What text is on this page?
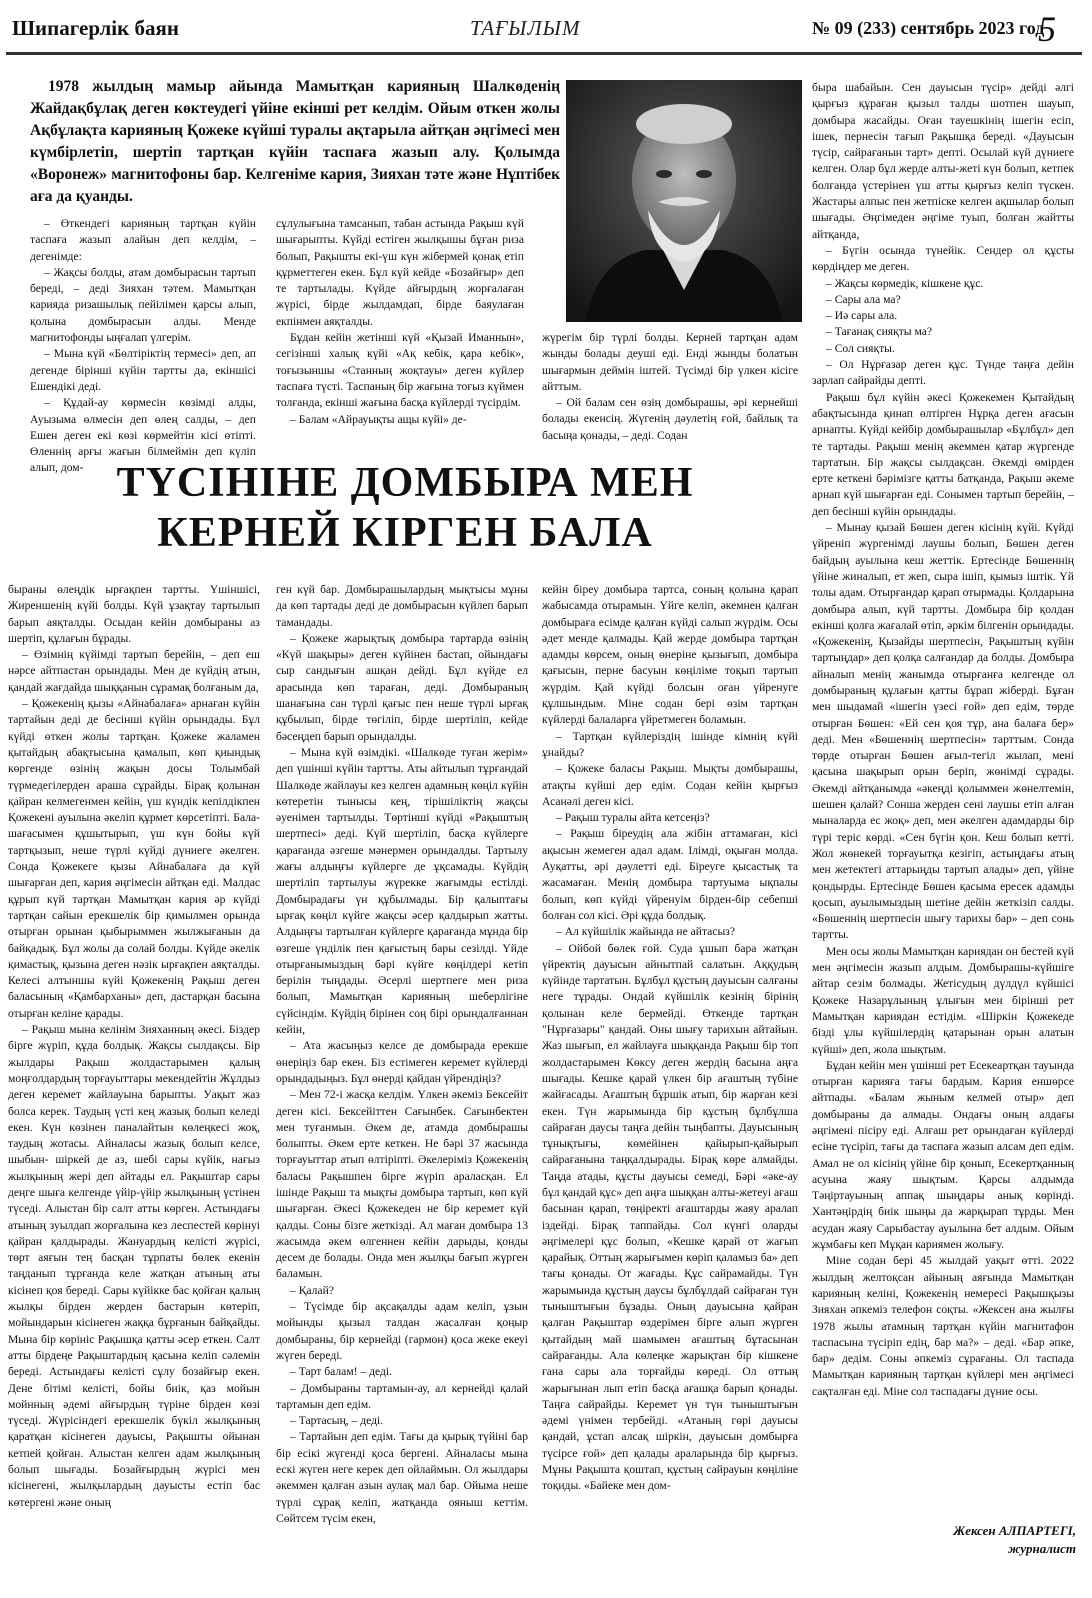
Шипагерлік баян	ТАҒЫЛЫМ	№ 09 (233) сентябрь 2023 год
5

1978 жылдың мамыр айында Мамытқан карияның Шалкөденің Жайдақбұлақ деген көктеудегі үйіне екінші рет келдім. Ойым өткен жолы Ақбұлақта карияның Қожеке күйші туралы ақтарыла айтқан әңгімесі мен күмбірлетіп, шертіп тартқан күйін таспаға жазып алу. Қолымда «Воронеж» магнитофоны бар. Келгеніме кария, Зияхан тәте және Нұптібек аға да қуанды.

– Өткендегі карияның тартқан күйін таспаға жазып алайын деп келдім, – дегенімде:

– Жақсы болды, атам домбырасын тартып береді, – деді Зияхан тәтем. Мамытқан карияда ризашылық пейілімен қарсы алып, қолына домбырасын алды. Менде магнитофонды ыңғалап үлгерім.

– Мына күй «Бөлтіріктің термесі» деп, ап дегенде бірінші күйін тартты да, екіншісі Ешендікі деді.

– Құдай-ау көрмесін көзімді алды, Ауызыма өлмесін деп өлең салды, – деп Ешен деген екі көзі көрмейтін кісі өтіпті. Өленнің арғы жағын білмеймін деп күліп алып, дом-

сұлулығына тамсанып, табан астында Рақыш күй шығарыпты. Күйді естіген жылқышы бұған риза болып, Рақышты екі-үш күн жібермей қонақ етіп құрметтеген екен. Бұл күй кейде «Бозайғыр» деп те тартылады. Күйде айғырдың жорғалаған жүрісі, бірде жылдамдап, бірде баяулаған екпінмен аяқталды.

Бұдан кейін жетінші күй «Қызай Иманнын», сегізінші халық күйі «Ақ кебік, қара кебік», тоғызыншы «Станның жоқтауы» деген күйлер таспаға түсті. Таспаның бір жағына тоғыз күймен толғанда, екінші жағына басқа күйлерді түсірдім.

– Балам «Айрауықты ащы күйі» де-

жүрегім бір түрлі болды. Керней тартқан адам жынды болады деуші еді. Енді жынды болатын шығармын деймін іштей. Түсімді бір үлкен кісіге айттым.

– Ой балам сен өзің домбырашы, әрі кернейші боладьı екенсің. Жүгенің дәулетің ғой, байлық та басыңа қонады, – деді. Содан

ТҮСІНІНЕ ДОМБЫРА МЕН
КЕРНЕЙ КІРГЕН БАЛА

быра шабайын. Сен дауысын түсір» дейді әлгі қырғыз құраған қызыл талды шотпен шауып, домбыра жасайды. Оған тауешкінің ішегін есіп, ішек, пернесін тағып Рақышқа береді. «Дауысын түсір, сайрағанын тарт» депті. Осылай күй дүниеге келген. Олар бұл жерде алты-жеті күн болып, кетпек болғанда үстерінен үш атты қырғыз келіп түскен. Жастары алпыс пен жетпіске келген ақшылар болып шығады. Әңгімеден әңгіме туып, болған жайтты айтқанда,

– Бүгін осында түнейік. Сендер ол құсты көрдіңдер ме деген.

– Жақсы көрмедік, кішкене құс.

– Сары ала ма?

– Иә сары ала.

– Тағанақ сияқты ма?

– Сол сияқты.

– Ол Нұрғазар деген құс. Түнде таңға дейін зарлап сайрайды депті.

Рақыш бұл күйін әкесі Қожекемен Қытайдың абақтысында қинап өлтірген Нұрқа деген ағасын арнапты. Күйді кейбір домбырашылар «Бұлбұл» деп те тартады. Рақыш менің әкеммен қатар жүргенде тартатын. Бір жақсы сылдақсан. Әкемді өмірден ерте кеткені бәрімізге қатты батқанда, Рақыш әкеме арнап күй шығарған еді. Сонымен тартып берейін, – деп бесінші күйін орындады.

– Мынау қызай Бөшен деген кісінің күйі. Күйді үйреніп жүргенімді лаушы болып, Бөшен деген байдың ауылына кеш жеттік. Ертесінде Бөшеннің үйіне жиналып, ет жеп, сыра ішіп, қымыз іштік. Үй толы адам. Отырғандар қарап отырмады. Қолдарына домбыра алып, күй тартты. Домбыра бір қолдан екінші қолға жағалай өтіп, әркім білгенін орындады. «Қожекенің, Қызайды шертпесін, Рақыштың күйін тартыңдар» деп қолқа салғандар да болды. Домбыра айналып менің жанымда отырғанға келгенде ол домбыраның құлағын қатты бұрап жіберді. Бұған мен шыдамай «ішегін үзесі ғой» деп едім, төрде отырған Бөшен: «Ей сен қоя тұр, ана балаға бер» деді. Мен «Бөшеннің шертпесін» тарттым. Сонда төрде отырған Бөшен ағыл-тегіл жылап, мені қасына шақырып орын беріп, жөнімді сұрады. Әкемді айтқанымда «әкеңді қолыммен жөнелтемін, шешен қалай? Сонша жерден сені лаушы етіп алған мыналарда ес жоқ» деп, мен әкелген адамдарды бір түрі теріс көрді. «Сен бүгін қон. Кеш болып кетті. Жол жөнекей торғауытқа кезігіп, астыңдағы атың мен жетектегі аттарыңды тартып алады» деп, үйіне қондырды. Ертесінде Бөшен қасыма ересек адамды қосып, ауылымыздың шетіне дейін жеткізіп салды. «Бөшеннің шертпесін шығу тарихы бар» – деп сонь тартты.

Мен осы жолы Мамытқан кариядан он бестей күй мен әңгімесін жазып алдым. Домбырашы-күйшіге айтар сезім болмады. Жетісудың дүлдүл күйшісі Қожеке Назарұлының ұлығын мен бірінші рет Мамытқан кариядан естідім. «Шіркін Қожекеде бізді ұлы күйшілердің қатарынан орын алатын күйші» деп, жола шықтым.

Бұдан кейін мен үшінші рет Есекеартқан тауында отырған карияға тағы бардым. Кария еншөрсе айтпады. «Балам жыным келмей отыр» деп домбыраны да алмады. Ондағы оның алдағы әңгімені пісіру еді. Алғаш рет орындаған күйлерді есіне түсіріп, тағы да таспаға жазып алсам деп едім. Амал не ол кісінің үйіне бір қонып, Есекертқанның асуына жаяу шықтым. Қарсы алдымда Тәңіртауының аппақ шыңдары анық көрінді. Хантәңірдің биік шыңы да жарқырап тұрды. Мен асудан жаяу Сарыбастау ауылына бет алдым. Ойым жұмбағы кеп Мұқан кариямен жолығу.

Міне содан бері 45 жылдай уақыт өтті. 2022 жылдың желтоқсан айының аяғында Мамытқан карияның келіні, Қожекенің немересі Рақышқызы Зияхан әпкеміз телефон соқты. «Жексен ана жылғы 1978 жылы атамның тартқан күйін магнитафон таспасына түсіріп едің, бар ма?» – деді. «Бар әпке, бар» дедім. Соны әпкеміз сұрағаны. Ол таспада Мамытқан карияның тартқан күйлері мен әңгімесі сақталған еді. Міне сол таспадағы дүние осы.

быраны өлеңдік ырғақпен тартты. Үшіншісі, Жиреншенің күйі болды. Күй ұзақтау тартылып барып аяқталды. Осыдан кейін домбыраны аз шертіп, құлағын бұрады.

– Өзімнің күйімді тартып берейін, – деп еш нәрсе айтпастан орындады. Мен де күйдің атын, қандай жағдайда шыққанын сұрамақ болғаным да,

– Қожекенің қызы «Айнабалаға» арнаған күйін тартайын деді де бесінші күйін орындады. Бұл күйді өткен жолы тартқан. Қожеке жаламен қытайдың абақтысына қамалып, көп қиындық көргенде өзінің жақын досы Толымбай түрмедегілерден араша сұрайды. Бірақ қолынан қайран келмегенмен кейін, үш күндік кепілдікпен Қожекені ауылына әкеліп құрмет көрсетіпті. Бала-шағасымен құшытырып, үш күн бойы күй тартқызып, неше түрлі күйді дүниеге әкелген. Сонда Қожекеге қызы Айнабалаға да күй шығарған деп, кария әңгімесін айтқан еді. Малдас құрып күй тартқан Мамытқан кария әр күйді тартқан сайын ерекшелік бір қимылмен орында отырған орынан қыбырыммен жылжығанын да байқадық. Бұл жолы да солай болды. Күйде әкелік қимастық, қызына деген нәзік ырғақпен аяқталды. Келесі алтыншы күйі Қожекенің Рақыш деген баласының «Қамбарханы» деп, дастарқан басына отырған келіне қарады.

– Рақыш мына келінім Зияханның әкесі. Біздер бірге жүріп, құда болдық. Жақсы сылдақсы. Бір жылдары Рақыш жолдастарымен қалың моңғолдардың торғауыттары мекендейтін Жұлдыз деген керемет жайлауына барыпты. Уақыт жаз болса керек. Таудың үсті кең жазық болып келеді екен. Күн көзінен паналайтын көлеңкесі жоқ, таудың жотасы. Айналасы жазық болып келсе, шыбын- шіркей де аз, шебі сары күйік, нағыз жылқының жері деп айтады ел. Рақыштар сары деңге шыға келгенде үйір-үйір жылқының үстінен түседі. Алыстан бір салт атты көрген. Астындағы атының зуылдап жорғалына кез леспестей көрінуі қайран қалдырады. Жануардың келісті жүрісі, төрт аяғын тең басқан тұрпаты бөлек екенін таңданып тұрғанда келе жатқан атының аты кісінеп қоя береді. Сары күйікке бас қойған қалың жылқы бірден жерден бастарын көтеріп, мойындарын кісінеген жаққа бұрғанын байқайды. Мына бір көрініс Рақышқа қатты әсер еткен. Салт атты бірдеңе Рақыштардың қасына келіп сәлемін береді. Астындағы келісті сұлу бозайғыр екен. Дене бітімі келісті, бойы биік, қаз мойын мойнның әдемі айғырдың түріне бірден көзі түседі. Жүрісіндегі ерекшелік бүкіл жылқының қаратқан кісінеген дауысы, Рақышты ойынан кетпей қойған. Алыстан келген адам жылқының болып шығады. Бозайғырдың жүрісі мен кісінегені, жылқылардың дауысты естіп бас көтергені және оның

ген күй бар. Домбырашылардың мықтысы мұны да көп тартады деді де домбырасын күйлеп барып тамандады.

– Қожеке жарықтық домбыра тартарда өзінің «Күй шақыры» деген күйінен бастап, ойындағы сыр сандығын ашқан дейді. Бұл күйде ел арасында көп тараған, деді. Домбыраның шанағына сан түрлі қағыс пен неше түрлі ырғақ құбылып, бірде төгіліп, бірде шертіліп, кейде бәсеңдеп барып орындалды.

– Мына күй өзімдікі. «Шалкөде туған жерім» деп үшінші күйін тартты. Аты айтылып тұрғандай Шалкөде жайлауы кез келген адамның көңіл күйін көтеретін тынысы кең, тірішіліктің жақсы әуенімен тартылды. Төртінші күйді «Рақыштың шертпесі» деді. Күй шертіліп, басқа күйлерге қарағанда әзгеше мәнермен орындалды. Тартылу жағы алдыңғы күйлерге де ұқсамады. Күйдің шертіліп тартылуы жүрекке жағымды естілді. Домбырадағы үн құбылмады. Бір қалыптағы ырғақ көңіл күйге жақсы әсер қалдырып жатты. Алдыңғы тартылған күйлерге қарағанда мұнда бір өзгеше үнділік пен қағыстың бары сезілді. Үйде отырғанымыздың бәрі күйге көңілдері кетіп берілін тыңдады. Әсерлі шертпеге мен риза болып, Мамытқан карияның шеберлігіне сүйсіндім. Күйдің бірінен соң бірі орындалғаннан кейін,

– Ата жасыңыз келсе де домбырада ерекше өнеріңіз бар екен. Біз естімеген керемет күйлерді орындадыңыз. Бұл өнерді қайдан үйрендіңіз?

– Мен 72-і жасқа келдім. Үлкен әкеміз Бексейіт деген кісі. Бексейіттен Сағынбек. Сағынбектен мен туғанмын. Әкем де, атамда домбырашы болыпты. Әкем ерте кеткен. Не бәрі 37 жасында торғауыттар атып өлтіріпті. Әкелеріміз Қожекенің баласы Рақышпен бірге жүріп араласқан. Ел ішінде Рақыш та мықты домбыра тартып, көп күй шығарған. Әкесі Қожекеден не бір керемет күй қалды. Соны бізге жеткізді. Ал маған домбыра 13 жасымда әкем өлгеннен кейін дарыды, қонды десем де болады. Онда мен жылқы бағып жүрген баламын.

– Қалай?

– Түсімде бір ақсақалды адам келіп, ұзын мойынды қызыл талдан жасалған қоңыр домбыраны, бір кернейді (гармон) қоса жеке екеуі жүген береді.

– Тарт балам! – деді.

– Домбыраны тартамын-ау, ал кернейді қалай тартамын деп едім.

– Тартасың, – деді.

– Тартайын деп едім. Тағы да қырық түйіні бар бір есікі жүгенді қоса бергені. Айналасы мына ескі жүген неге керек деп ойлаймын. Ол жылдары әкеммен қалған азын аулақ мал бар. Ойыма неше түрлі сұрақ келіп, жатқанда ояныш кеттім. Сөйтсем түсім екен,

кейін біреу домбыра тартса, соның қолына қарап жабысамда отырамын. Үйге келіп, әкемнен қалған домбыраға есімде қалған күйді салып жүрдім. Осы әдет менде қалмады. Қай жерде домбыра тартқан адамды көрсем, оның өнеріне қызығып, домбыра қағысын, перне басуын көңіліме тоқып тартып жүрдім. Қай күйді болсын оған үйренуге құлшындым. Міне содан бері өзім тартқан күйлерді балаларға үйретмеген боламын.

– Тартқан күйлеріздің ішінде кімнің күйі ұнайды?

– Қожеке баласы Рақыш. Мықты домбырашы, атақты күйші дер едім. Содан кейін қырғыз Асанәлі деген кісі.

– Рақыш туралы айта кетсеңіз?

– Рақыш біреудің ала жібін аттамаған, кісі ақысын жемеген адал адам. Ілімді, оқыған молда. Ауқатты, әрі дәулетті еді. Біреуге қысастық та жасамаған. Менің домбыра тартуыма ықпалы болып, көп күйді үйренуім бірден-бір себепші болған сол кісі. Әрі құда болдық.

– Ал күйшілік жайында не айтасыз?

– Ойбой бөлек ғой. Суда ұшып бара жатқан үйректің дауысын айнытпай салатын. Аққудың күйінде тартатын. Бұлбұл құстың дауысын салғаны неге тұрады. Ондай күйшілік кезінің бірінің қолынан келе бермейді. Өткенде тартқан "Нұрғазары" қандай. Оны шығу тарихын айтайын. Жаз шығып, ел жайлауға шыққанда Рақыш бір топ жолдастарымен Көксу деген жердің басына аңға шығады. Кешке қарай үлкен бір ағаштың түбіне жайғасады. Ағаштың бұршік атып, бір жарған кезі екен. Түн жарымында бір құстың бұлбұлша сайраған даусы таңға дейін тыңбапты. Дауысының тұнықтығы, көмейінен қайырып-қайырып сайрағанына таңқалдырады. Бірақ көре алмайды. Таңда атады, құсты дауысы семеді, Бәрі «әке-ау бұл қандай құс» деп аңға шыққан алты-жетеуі ағаш басынан қарап, төңіректі ағаштарды жаяу аралап іздейді. Бірақ таппайды. Сол күнгі оларды әңгімелері құс болып, «Кешке қарай от жағып қарайық. Оттың жарығымен көріп қаламыз ба» деп тағы қонады. От жағады. Құс сайрамайды. Түн жарымында құстың даусы бұлбұлдай сайраған түн тыныштығын бұзады. Оның дауысына қайран қалған Рақыштар өздерімен бірге алып жүрген қытайдың май шамымен ағаштың бұтасынан сайрағанды. Ала көлеңке жарықтан бір кішкене ғана сары ала торғайды көреді. Ол оттың жарығынан лып етіп басқа ағашқа барып қонады. Таңға сайрайды. Керемет үн түн тыныштығын әдемі үнімен тербейді. «Атаның гөрі дауысы қандай, ұстап алсақ шіркін, дауысын домбырға түсірсе ғой» деп қалады араларында бір қырғыз. Мұны Рақышта қоштап, құстың сайрауын көңіліне тоқиды. «Байеке мен дом-

Жексен АЛПАРТЕГІ,
журналист
